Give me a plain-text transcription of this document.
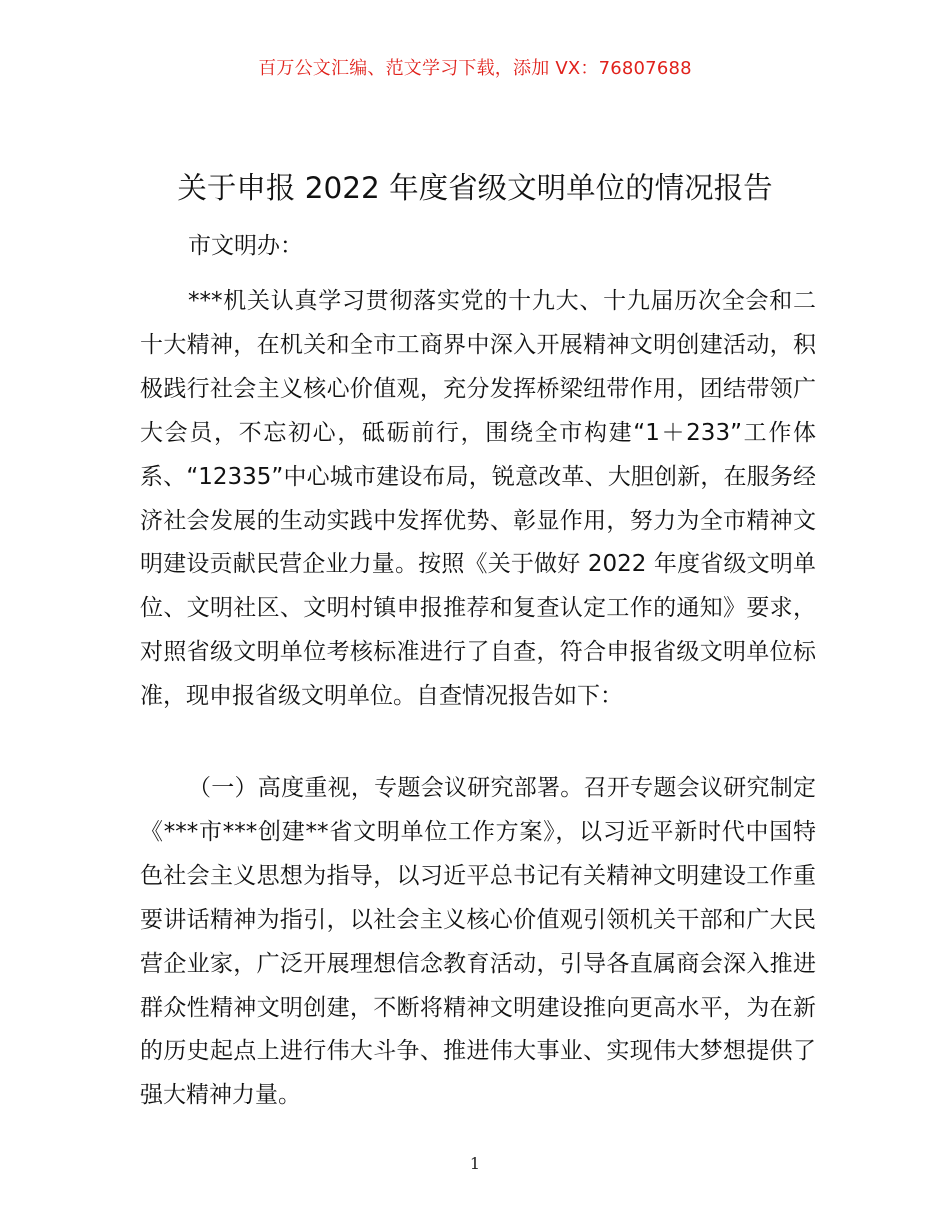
百万公文汇编、范文学习下载，添加 VX：76807688
关于申报 2022 年度省级文明单位的情况报告
市文明办：

***机关认真学习贯彻落实党的十九大、十九届历次全会和二十大精神，在机关和全市工商界中深入开展精神文明创建活动，积极践行社会主义核心价值观，充分发挥桥梁纽带作用，团结带领广大会员，不忘初心，砥砺前行，围绕全市构建“1＋233”工作体系、“12335”中心城市建设布局，锐意改革、大胆创新，在服务经济社会发展的生动实践中发挥优势、彰显作用，努力为全市精神文明建设贡献民营企业力量。按照《关于做好 2022 年度省级文明单位、文明社区、文明村镇申报推荐和复查认定工作的通知》要求，对照省级文明单位考核标准进行了自查，符合申报省级文明单位标准，现申报省级文明单位。自查情况报告如下：

（一）高度重视，专题会议研究部署。召开专题会议研究制定《***市***创建**省文明单位工作方案》，以习近平新时代中国特色社会主义思想为指导，以习近平总书记有关精神文明建设工作重要讲话精神为指引，以社会主义核心价值观引领机关干部和广大民营企业家，广泛开展理想信念教育活动，引导各直属商会深入推进群众性精神文明创建，不断将精神文明建设推向更高水平，为在新的历史起点上进行伟大斗争、推进伟大事业、实现伟大梦想提供了强大精神力量。

1
